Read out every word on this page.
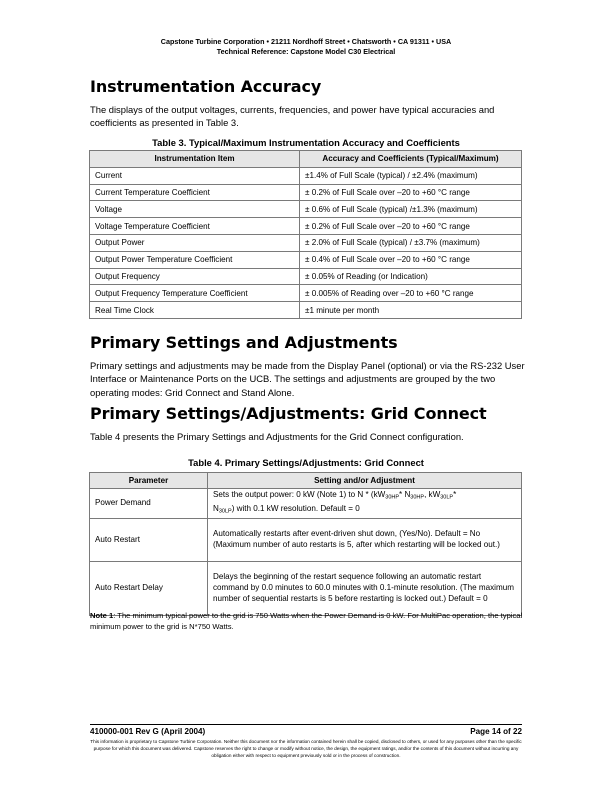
Capstone Turbine Corporation • 21211 Nordhoff Street • Chatsworth • CA 91311 • USA
Technical Reference: Capstone Model C30 Electrical
Instrumentation Accuracy

The displays of the output voltages, currents, frequencies, and power have typical accuracies and coefficients as presented in Table 3.

Table 3. Typical/Maximum Instrumentation Accuracy and Coefficients

Instrumentation Item	Accuracy and Coefficients (Typical/Maximum)
Current	±1.4% of Full Scale (typical) / ±2.4% (maximum)
Current Temperature Coefficient	± 0.2% of Full Scale over –20 to +60 °C range
Voltage	± 0.6% of Full Scale (typical) /±1.3% (maximum)
Voltage Temperature Coefficient	± 0.2% of Full Scale over –20 to +60 °C range
Output Power	± 2.0% of Full Scale (typical) / ±3.7% (maximum)
Output Power Temperature Coefficient	± 0.4% of Full Scale over –20 to +60 °C range
Output Frequency	± 0.05% of Reading (or Indication)
Output Frequency Temperature Coefficient	± 0.005% of Reading over –20 to +60 °C range
Real Time Clock	±1 minute per month
Primary Settings and Adjustments

Primary settings and adjustments may be made from the Display Panel (optional) or via the RS-232 User Interface or Maintenance Ports on the UCB. The settings and adjustments are grouped by the two operating modes: Grid Connect and Stand Alone.

Primary Settings/Adjustments: Grid Connect

Table 4 presents the Primary Settings and Adjustments for the Grid Connect configuration.

Table 4. Primary Settings/Adjustments: Grid Connect

Parameter	Setting and/or Adjustment
Power Demand	Sets the output power: 0 kW (Note 1) to N * ($kW_{30HP}*$ $N_{30HP}$, $kW_{30LP}*$
$N_{30LP}$) with 0.1 kW resolution. Default = 0
Auto Restart	Automatically restarts after event-driven shut down, (Yes/No). Default = No (Maximum number of auto restarts is 5, after which restarting will be locked out.)
Auto Restart Delay	Delays the beginning of the restart sequence following an automatic restart command by 0.0 minutes to 60.0 minutes with 0.1-minute resolution. (The maximum number of sequential restarts is 5 before restarting is locked out.) Default = 0

Note 1: The minimum typical power to the grid is 750 Watts when the Power Demand is 0 kW. For MultiPac operation, the typical minimum power to the grid is N*750 Watts.

410000-001 Rev G (April 2004)	Page 14 of 22

This information is proprietary to Capstone Turbine Corporation. Neither this document nor the information contained herein shall be copied, disclosed to others, or used for any purposes other than the specific purpose for which this document was delivered. Capstone reserves the right to change or modify without notice, the design, the equipment ratings, and/or the contents of this document without incurring any obligation either with respect to equipment previously sold or in the process of construction.
